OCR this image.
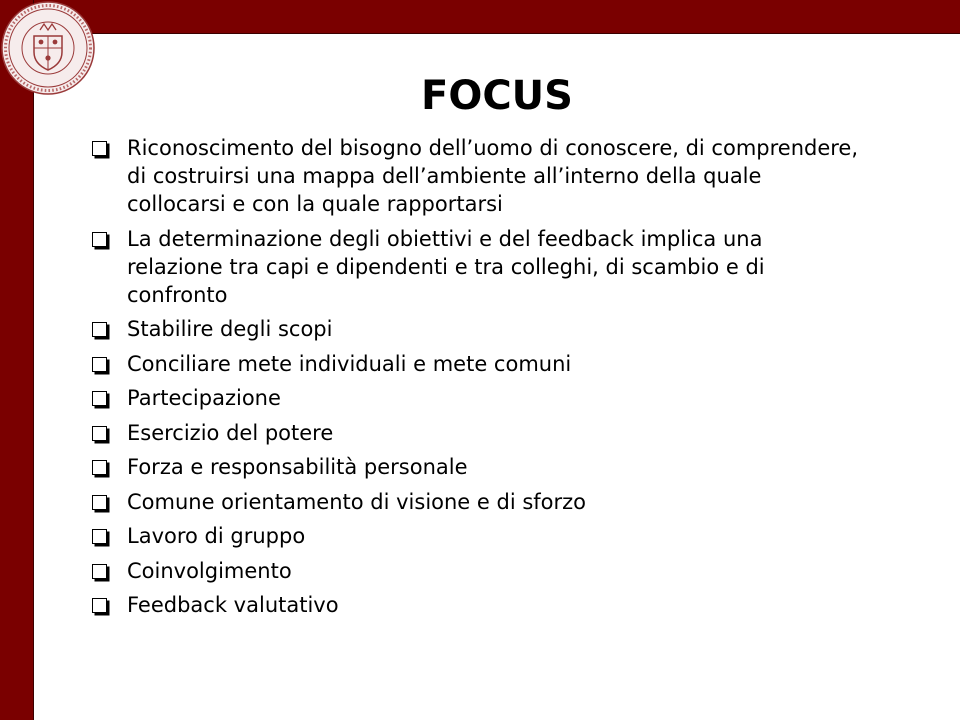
FOCUS
Riconoscimento del bisogno dell’uomo di conoscere, di comprendere, di costruirsi una mappa dell’ambiente all’interno della quale collocarsi e con la quale rapportarsi
La determinazione degli obiettivi e del feedback implica una relazione tra capi e dipendenti e tra colleghi, di scambio e di confronto
Stabilire degli scopi
Conciliare mete individuali e mete comuni
Partecipazione
Esercizio del potere
Forza e responsabilità personale
Comune orientamento di visione e di sforzo
Lavoro di gruppo
Coinvolgimento
Feedback valutativo
